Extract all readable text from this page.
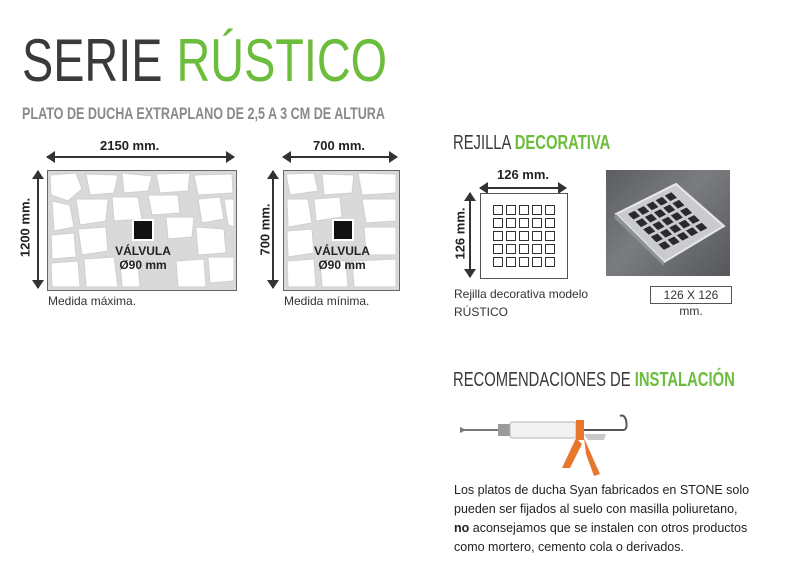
SERIE RÚSTICO
PLATO DE DUCHA EXTRAPLANO DE 2,5 A 3 CM DE ALTURA
2150 mm.
1200 mm.	VÁLVULA
Ø90 mm
Medida máxima.
700 mm.
700 mm.	VÁLVULA
Ø90 mm
Medida mínima.
REJILLA DECORATIVA
126 mm.
126 mm.
Rejilla decorativa modelo
RÚSTICO
126 X 126 mm.
RECOMENDACIONES DE INSTALACIÓN
Los platos de ducha Syan fabricados en STONE solo
pueden ser fijados al suelo con masilla poliuretano,
no aconsejamos que se instalen con otros productos
como mortero, cemento cola o derivados.
